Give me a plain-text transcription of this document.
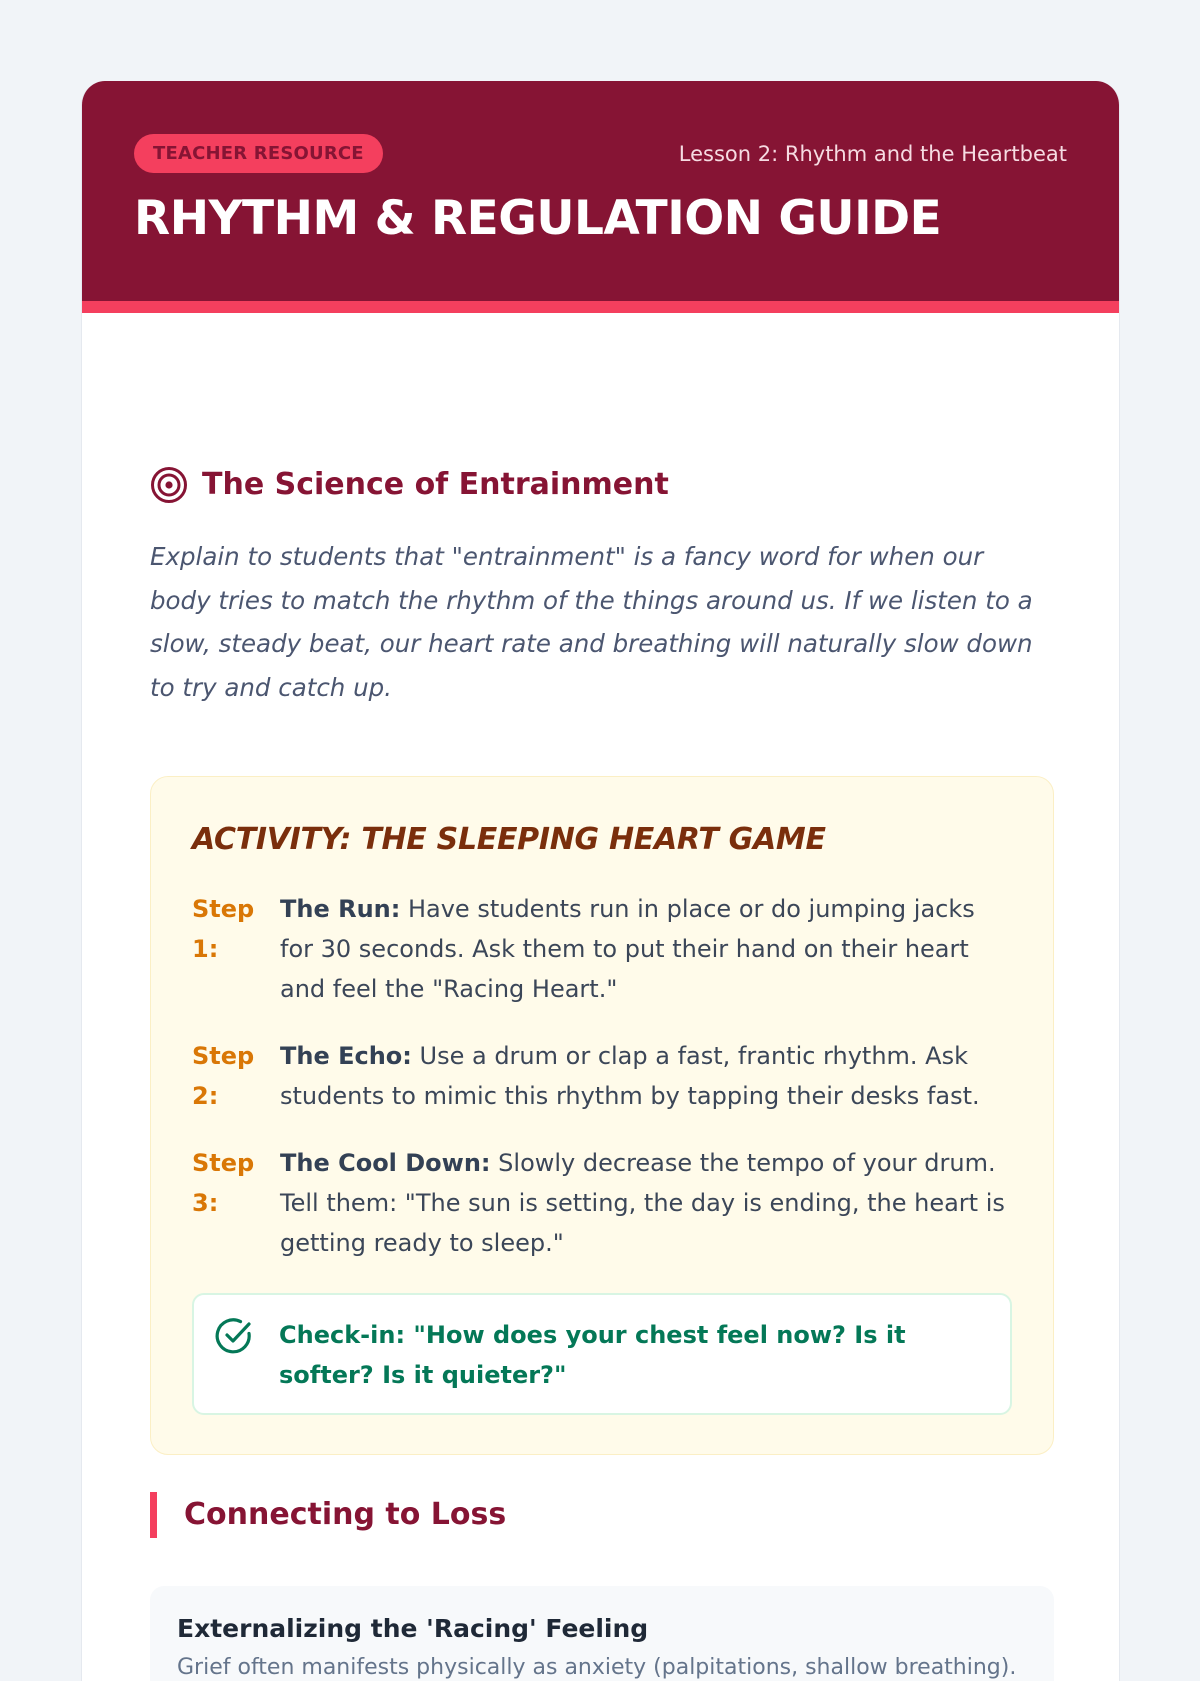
TEACHER RESOURCE	Lesson 2: Rhythm and the Heartbeat
RHYTHM & REGULATION GUIDE
The Science of Entrainment
Explain to students that "entrainment" is a fancy word for when our body tries to match the rhythm of the things around us. If we listen to a slow, steady beat, our heart rate and breathing will naturally slow down to try and catch up.
ACTIVITY: THE SLEEPING HEART GAME
Step 1:
The Run: Have students run in place or do jumping jacks for 30 seconds. Ask them to put their hand on their heart and feel the "Racing Heart."
Step 2:
The Echo: Use a drum or clap a fast, frantic rhythm. Ask students to mimic this rhythm by tapping their desks fast.
Step 3:
The Cool Down: Slowly decrease the tempo of your drum. Tell them: "The sun is setting, the day is ending, the heart is getting ready to sleep."
Check-in: "How does your chest feel now? Is it softer? Is it quieter?"
Connecting to Loss
Externalizing the 'Racing' Feeling
Grief often manifests physically as anxiety (palpitations, shallow breathing).
